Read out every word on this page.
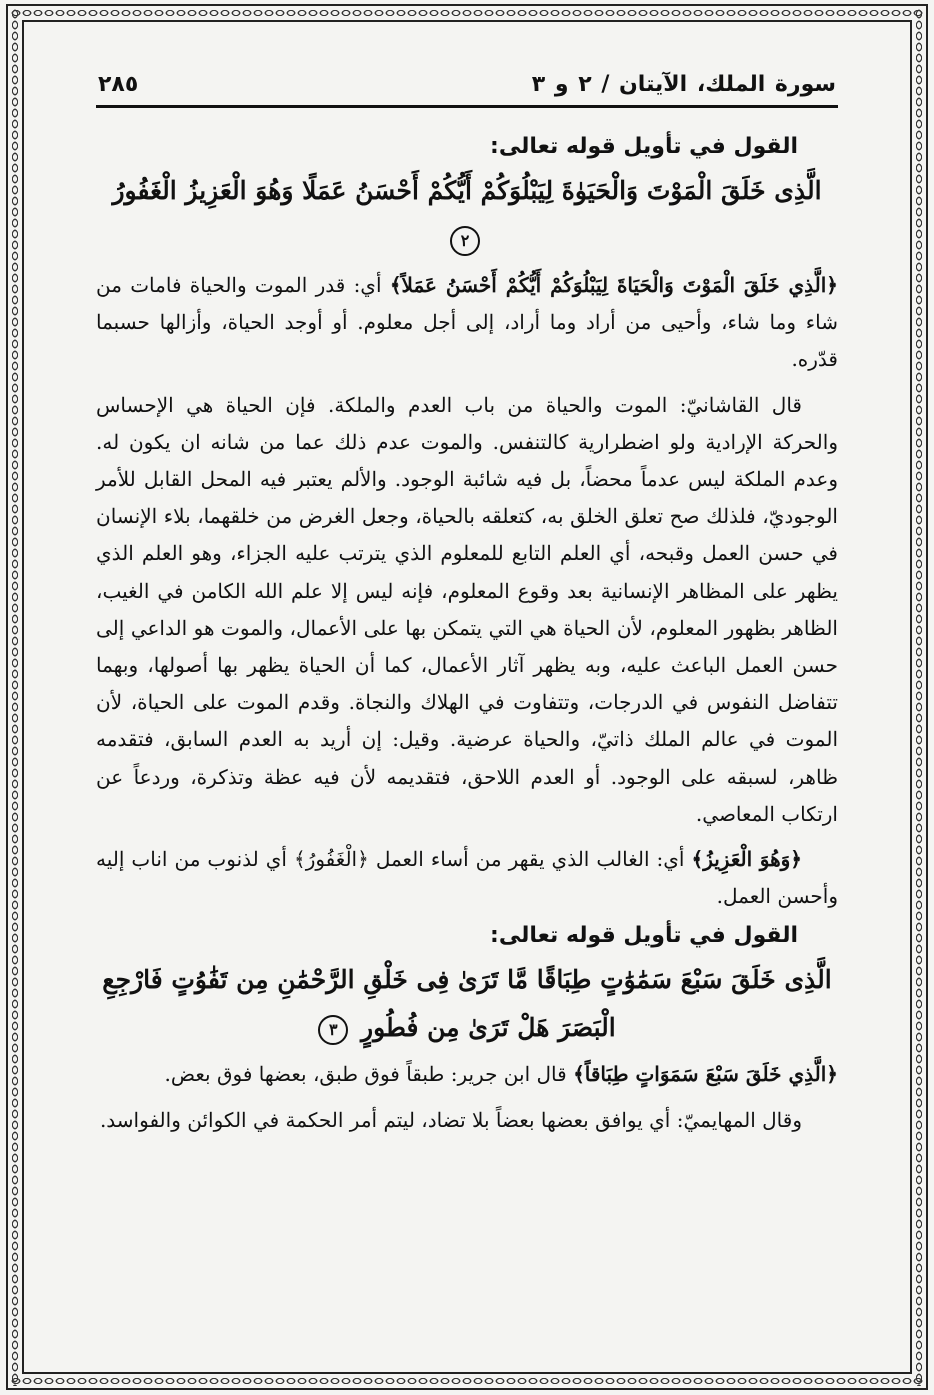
سورة الملك، الآيتان / ٢ و ٣
٢٨٥
القول في تأويل قوله تعالى:
الَّذِى خَلَقَ الْمَوْتَ وَالْحَيَوٰةَ لِيَبْلُوَكُمْ أَيُّكُمْ أَحْسَنُ عَمَلًا وَهُوَ الْعَزِيزُ الْغَفُورُ ٢

﴿الَّذِي خَلَقَ الْمَوْتَ وَالْحَيَاةَ لِيَبْلُوَكُمْ أَيُّكُمْ أَحْسَنُ عَمَلاً﴾ أي: قدر الموت والحياة فامات من شاء وما شاء، وأحيى من أراد وما أراد، إلى أجل معلوم. أو أوجد الحياة، وأزالها حسبما قدّره.

قال القاشانيّ: الموت والحياة من باب العدم والملكة. فإن الحياة هي الإحساس والحركة الإرادية ولو اضطرارية كالتنفس. والموت عدم ذلك عما من شانه ان يكون له. وعدم الملكة ليس عدماً محضاً، بل فيه شائبة الوجود. والألم يعتبر فيه المحل القابل للأمر الوجوديّ، فلذلك صح تعلق الخلق به، كتعلقه بالحياة، وجعل الغرض من خلقهما، بلاء الإنسان في حسن العمل وقبحه، أي العلم التابع للمعلوم الذي يترتب عليه الجزاء، وهو العلم الذي يظهر على المظاهر الإنسانية بعد وقوع المعلوم، فإنه ليس إلا علم الله الكامن في الغيب، الظاهر بظهور المعلوم، لأن الحياة هي التي يتمكن بها على الأعمال، والموت هو الداعي إلى حسن العمل الباعث عليه، وبه يظهر آثار الأعمال، كما أن الحياة يظهر بها أصولها، وبهما تتفاضل النفوس في الدرجات، وتتفاوت في الهلاك والنجاة. وقدم الموت على الحياة، لأن الموت في عالم الملك ذاتيّ، والحياة عرضية. وقيل: إن أريد به العدم السابق، فتقدمه ظاهر، لسبقه على الوجود. أو العدم اللاحق، فتقديمه لأن فيه عظة وتذكرة، وردعاً عن ارتكاب المعاصي.

﴿وَهُوَ الْعَزِيزُ﴾ أي: الغالب الذي يقهر من أساء العمل ﴿الْغَفُورُ﴾ أي لذنوب من اناب إليه وأحسن العمل.

القول في تأويل قوله تعالى:
الَّذِى خَلَقَ سَبْعَ سَمَٰوَٰتٍ طِبَاقًا مَّا تَرَىٰ فِى خَلْقِ الرَّحْمَٰنِ مِن تَفَٰوُتٍ فَارْجِعِ الْبَصَرَ هَلْ تَرَىٰ مِن فُطُورٍ ٣

﴿الَّذِي خَلَقَ سَبْعَ سَمَوَاتٍ طِبَاقاً﴾ قال ابن جرير: طبقاً فوق طبق، بعضها فوق بعض.

وقال المهايميّ: أي يوافق بعضها بعضاً بلا تضاد، ليتم أمر الحكمة في الكوائن والفواسد.
